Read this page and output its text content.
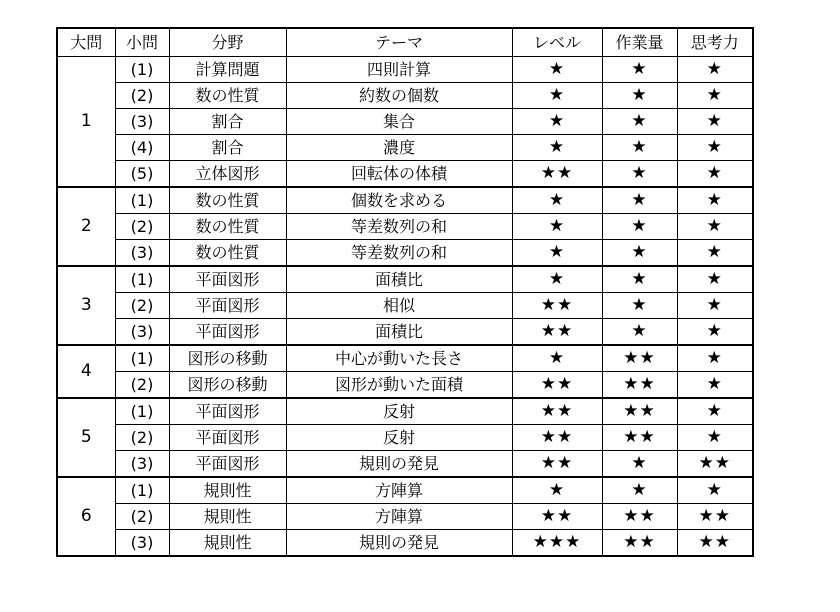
大問	小問	分野	テーマ	レベル	作業量	思考力
1	(1)	計算問題	四則計算	★	★	★
	(2)	数の性質	約数の個数	★	★	★
	(3)	割合	集合	★	★	★
	(4)	割合	濃度	★	★	★
	(5)	立体図形	回転体の体積	★★	★	★
2	(1)	数の性質	個数を求める	★	★	★
	(2)	数の性質	等差数列の和	★	★	★
	(3)	数の性質	等差数列の和	★	★	★
3	(1)	平面図形	面積比	★	★	★
	(2)	平面図形	相似	★★	★	★
	(3)	平面図形	面積比	★★	★	★
4	(1)	図形の移動	中心が動いた長さ	★	★★	★
	(2)	図形の移動	図形が動いた面積	★★	★★	★
5	(1)	平面図形	反射	★★	★★	★
	(2)	平面図形	反射	★★	★★	★
	(3)	平面図形	規則の発見	★★	★	★★
6	(1)	規則性	方陣算	★	★	★
	(2)	規則性	方陣算	★★	★★	★★
	(3)	規則性	規則の発見	★★★	★★	★★
